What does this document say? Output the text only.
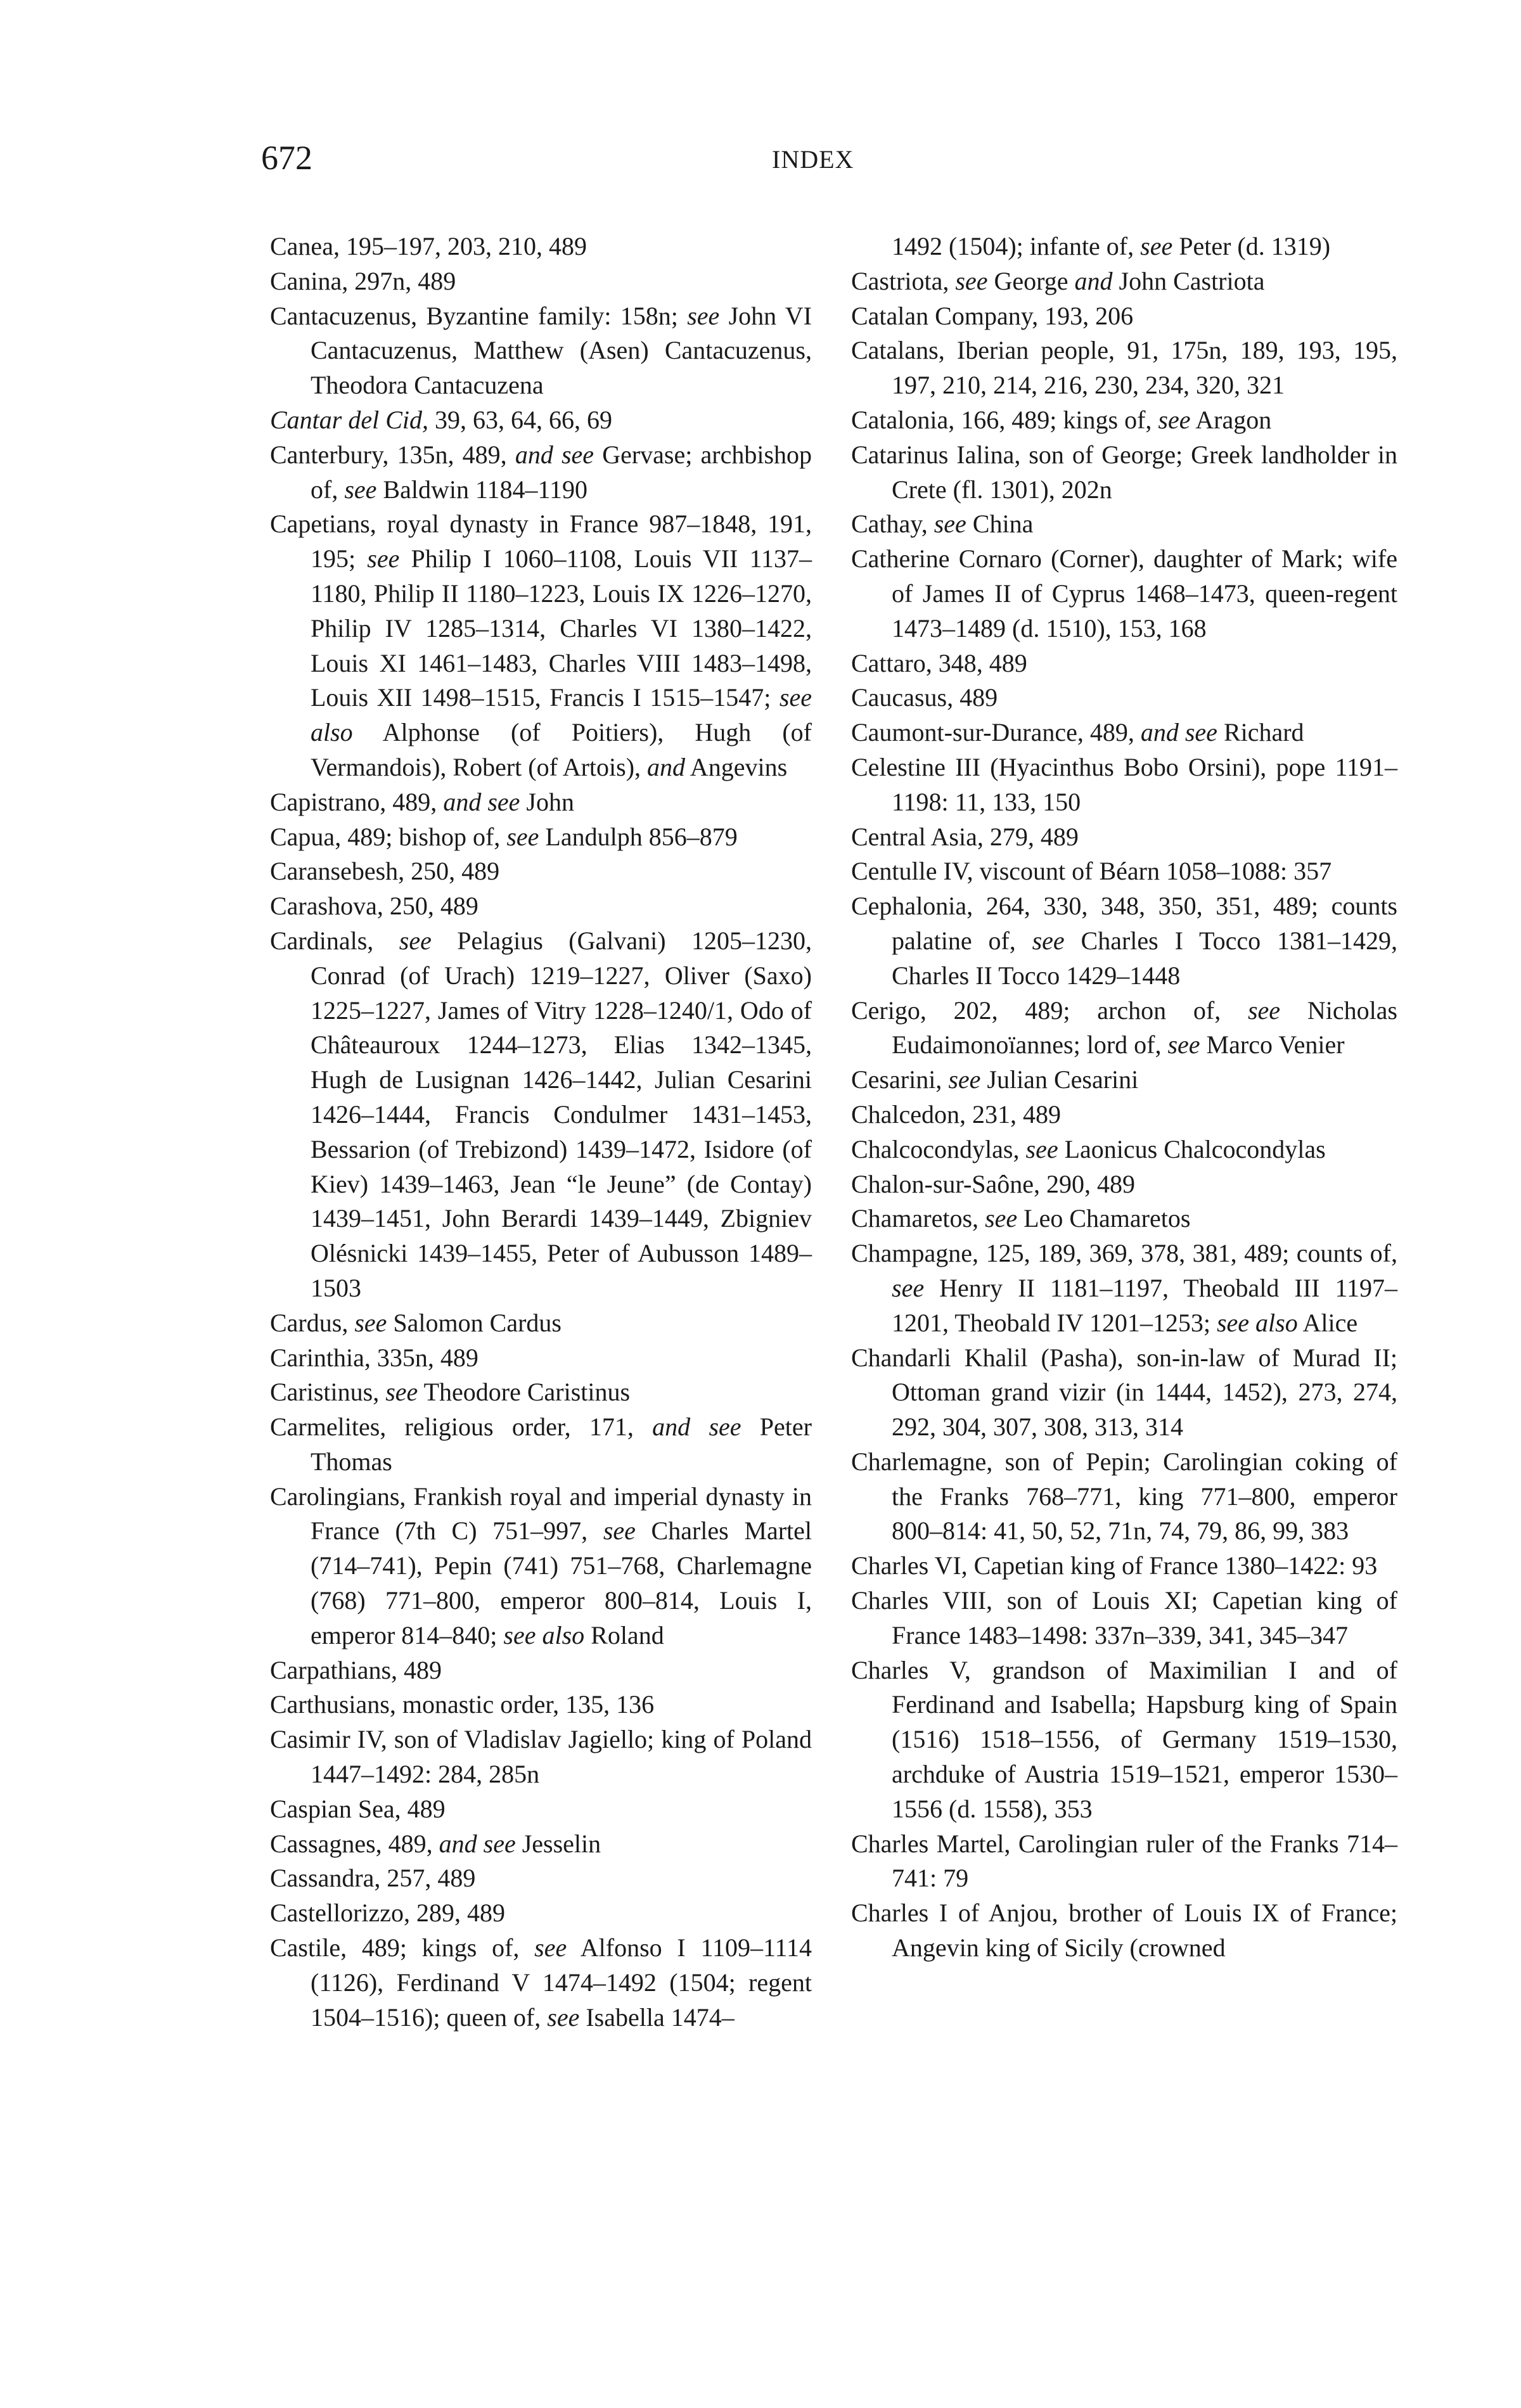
672	INDEX

Canea, 195–197, 203, 210, 489

Canina, 297n, 489

Cantacuzenus, Byzantine family: 158n; see John VI Cantacuzenus, Matthew (Asen) Cantacuzenus, Theodora Cantacuzena

Cantar del Cid, 39, 63, 64, 66, 69

Canterbury, 135n, 489, and see Gervase; archbishop of, see Baldwin 1184–1190

Capetians, royal dynasty in France 987–1848, 191, 195; see Philip I 1060–1108, Louis VII 1137–1180, Philip II 1180–1223, Louis IX 1226–1270, Philip IV 1285–1314, Charles VI 1380–1422, Louis XI 1461–1483, Charles VIII 1483–1498, Louis XII 1498–1515, Francis I 1515–1547; see also Alphonse (of Poitiers), Hugh (of Vermandois), Robert (of Artois), and Angevins

Capistrano, 489, and see John

Capua, 489; bishop of, see Landulph 856–879

Caransebesh, 250, 489

Carashova, 250, 489

Cardinals, see Pelagius (Galvani) 1205–1230, Conrad (of Urach) 1219–1227, Oliver (Saxo) 1225–1227, James of Vitry 1228–1240/1, Odo of Châteauroux 1244–1273, Elias 1342–1345, Hugh de Lusignan 1426–1442, Julian Cesarini 1426–1444, Francis Condulmer 1431–1453, Bessarion (of Trebizond) 1439–1472, Isidore (of Kiev) 1439–1463, Jean “le Jeune” (de Contay) 1439–1451, John Berardi 1439–1449, Zbigniev Olésnicki 1439–1455, Peter of Aubusson 1489–1503

Cardus, see Salomon Cardus

Carinthia, 335n, 489

Caristinus, see Theodore Caristinus

Carmelites, religious order, 171, and see Peter Thomas

Carolingians, Frankish royal and imperial dynasty in France (7th C) 751–997, see Charles Martel (714–741), Pepin (741) 751–768, Charlemagne (768) 771–800, emperor 800–814, Louis I, emperor 814–840; see also Roland

Carpathians, 489

Carthusians, monastic order, 135, 136

Casimir IV, son of Vladislav Jagiello; king of Poland 1447–1492: 284, 285n

Caspian Sea, 489

Cassagnes, 489, and see Jesselin

Cassandra, 257, 489

Castellorizzo, 289, 489

Castile, 489; kings of, see Alfonso I 1109–1114 (1126), Ferdinand V 1474–1492 (1504; regent 1504–1516); queen of, see Isabella 1474–

1492 (1504); infante of, see Peter (d. 1319)

Castriota, see George and John Castriota

Catalan Company, 193, 206

Catalans, Iberian people, 91, 175n, 189, 193, 195, 197, 210, 214, 216, 230, 234, 320, 321

Catalonia, 166, 489; kings of, see Aragon

Catarinus Ialina, son of George; Greek landholder in Crete (fl. 1301), 202n

Cathay, see China

Catherine Cornaro (Corner), daughter of Mark; wife of James II of Cyprus 1468–1473, queen-regent 1473–1489 (d. 1510), 153, 168

Cattaro, 348, 489

Caucasus, 489

Caumont-sur-Durance, 489, and see Richard

Celestine III (Hyacinthus Bobo Orsini), pope 1191–1198: 11, 133, 150

Central Asia, 279, 489

Centulle IV, viscount of Béarn 1058–1088: 357

Cephalonia, 264, 330, 348, 350, 351, 489; counts palatine of, see Charles I Tocco 1381–1429, Charles II Tocco 1429–1448

Cerigo, 202, 489; archon of, see Nicholas Eudaimonoïannes; lord of, see Marco Venier

Cesarini, see Julian Cesarini

Chalcedon, 231, 489

Chalcocondylas, see Laonicus Chalcocondylas

Chalon-sur-Saône, 290, 489

Chamaretos, see Leo Chamaretos

Champagne, 125, 189, 369, 378, 381, 489; counts of, see Henry II 1181–1197, Theobald III 1197–1201, Theobald IV 1201–1253; see also Alice

Chandarli Khalil (Pasha), son-in-law of Murad II; Ottoman grand vizir (in 1444, 1452), 273, 274, 292, 304, 307, 308, 313, 314

Charlemagne, son of Pepin; Carolingian coking of the Franks 768–771, king 771–800, emperor 800–814: 41, 50, 52, 71n, 74, 79, 86, 99, 383

Charles VI, Capetian king of France 1380–1422: 93

Charles VIII, son of Louis XI; Capetian king of France 1483–1498: 337n–339, 341, 345–347

Charles V, grandson of Maximilian I and of Ferdinand and Isabella; Hapsburg king of Spain (1516) 1518–1556, of Germany 1519–1530, archduke of Austria 1519–1521, emperor 1530–1556 (d. 1558), 353

Charles Martel, Carolingian ruler of the Franks 714–741: 79

Charles I of Anjou, brother of Louis IX of France; Angevin king of Sicily (crowned
